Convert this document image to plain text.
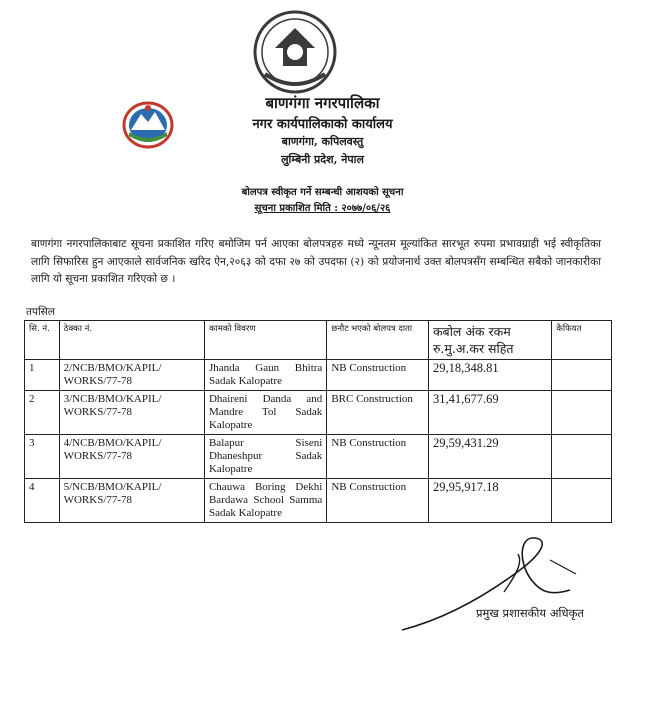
बाणगंगा नगरपालिका
नगर कार्यपालिकाको कार्यालय
बाणगंगा, कपिलवस्तु
लुम्बिनी प्रदेश, नेपाल
बोलपत्र स्वीकृत गर्ने सम्बन्धी आशयको सूचना
सूचना प्रकाशित मिति : २०७७/०६/२६

बाणगंगा नगरपालिकाबाट सूचना प्रकाशित गरिए बमोजिम पर्न आएका बोलपत्रहरु मध्ये न्यूनतम मूल्यांकित सारभूत रुपमा प्रभावग्राही भई स्वीकृतिका लागि सिफारिस हुन आएकाले सार्वजनिक खरिद ऐन,२०६३ को दफा २७ को उपदफा (२) को प्रयोजनार्थ उक्त बोलपत्रसँग सम्बन्धित सबैको जानकारीका लागि यो सूचना प्रकाशित गरिएको छ ।

तपसिल
सि. नं.	ठेक्का नं.	कामको विवरण	छनौट भएको बोलपत्र दाता	कबोल अंक रकम रु.मु.अ.कर सहित	कैफियत
1	2/NCB/BMO/KAPIL/ WORKS/77-78	Jhanda Gaun Bhitra Sadak Kalopatre	NB Construction	29,18,348.81	
2	3/NCB/BMO/KAPIL/ WORKS/77-78	Dhaireni Danda and Mandre Tol Sadak Kalopatre	BRC Construction	31,41,677.69	
3	4/NCB/BMO/KAPIL/ WORKS/77-78	Balapur Siseni Dhaneshpur Sadak Kalopatre	NB Construction	29,59,431.29	
4	5/NCB/BMO/KAPIL/ WORKS/77-78	Chauwa Boring Dekhi Bardawa School Samma Sadak Kalopatre	NB Construction	29,95,917.18	
प्रमुख प्रशासकीय अधिकृत
